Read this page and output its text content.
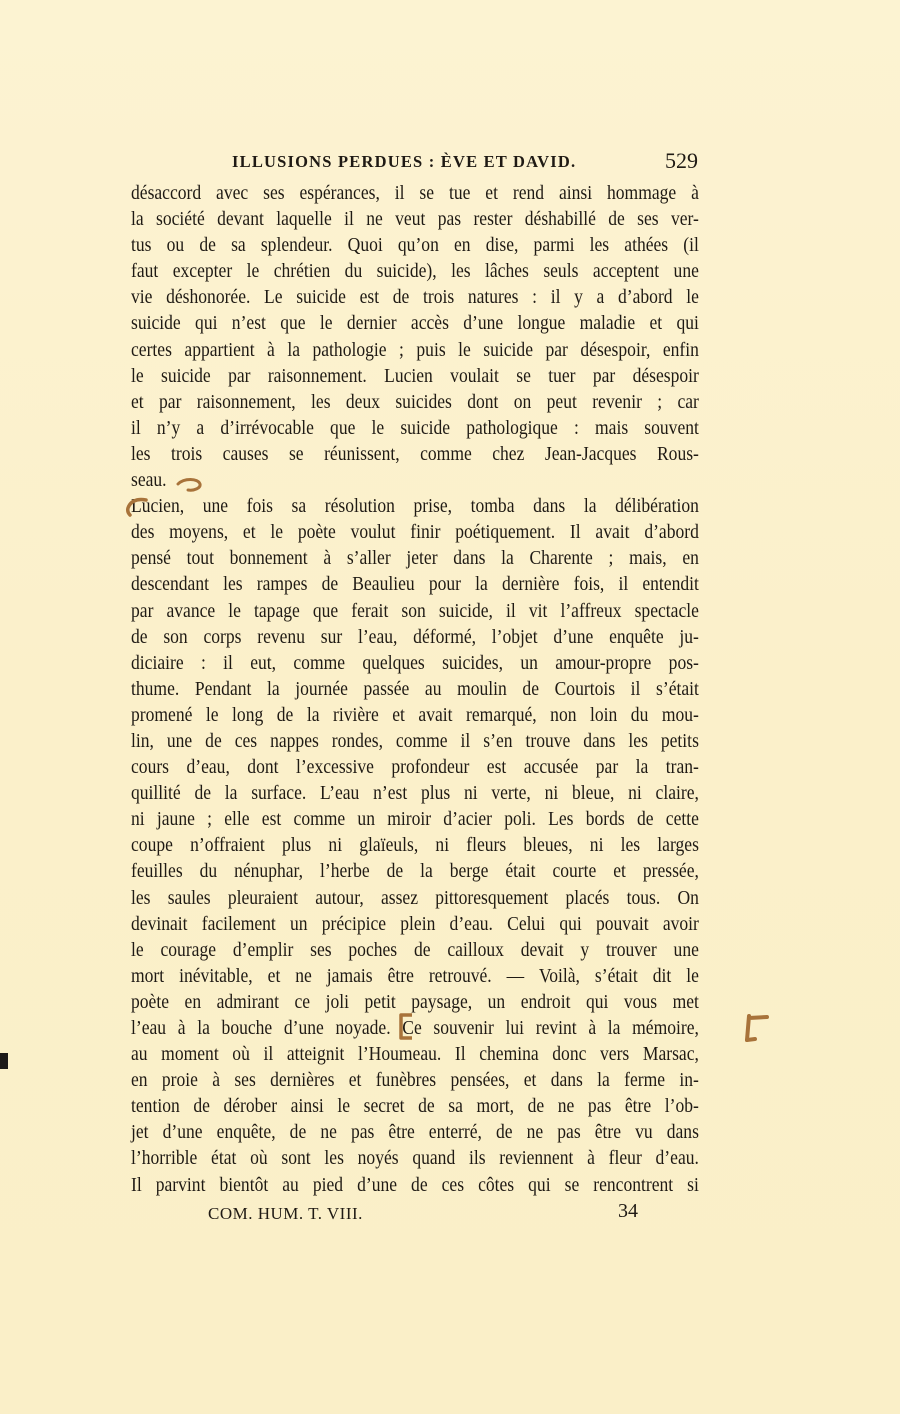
ILLUSIONS PERDUES : ÈVE ET DAVID.	529
désaccord avec ses espérances, il se tue et rend ainsi hommage à
la société devant laquelle il ne veut pas rester déshabillé de ses ver-
tus ou de sa splendeur. Quoi qu’on en dise, parmi les athées (il
faut excepter le chrétien du suicide), les lâches seuls acceptent une
vie déshonorée. Le suicide est de trois natures : il y a d’abord le
suicide qui n’est que le dernier accès d’une longue maladie et qui
certes appartient à la pathologie ; puis le suicide par désespoir, enfin
le suicide par raisonnement. Lucien voulait se tuer par désespoir
et par raisonnement, les deux suicides dont on peut revenir ; car
il n’y a d’irrévocable que le suicide pathologique : mais souvent
les trois causes se réunissent, comme chez Jean-Jacques Rous-
seau.
Lucien, une fois sa résolution prise, tomba dans la délibération
des moyens, et le poète voulut finir poétiquement. Il avait d’abord
pensé tout bonnement à s’aller jeter dans la Charente ; mais, en
descendant les rampes de Beaulieu pour la dernière fois, il entendit
par avance le tapage que ferait son suicide, il vit l’affreux spectacle
de son corps revenu sur l’eau, déformé, l’objet d’une enquête ju-
diciaire : il eut, comme quelques suicides, un amour-propre pos-
thume. Pendant la journée passée au moulin de Courtois il s’était
promené le long de la rivière et avait remarqué, non loin du mou-
lin, une de ces nappes rondes, comme il s’en trouve dans les petits
cours d’eau, dont l’excessive profondeur est accusée par la tran-
quillité de la surface. L’eau n’est plus ni verte, ni bleue, ni claire,
ni jaune ; elle est comme un miroir d’acier poli. Les bords de cette
coupe n’offraient plus ni glaïeuls, ni fleurs bleues, ni les larges
feuilles du nénuphar, l’herbe de la berge était courte et pressée,
les saules pleuraient autour, assez pittoresquement placés tous. On
devinait facilement un précipice plein d’eau. Celui qui pouvait avoir
le courage d’emplir ses poches de cailloux devait y trouver une
mort inévitable, et ne jamais être retrouvé. — Voilà, s’était dit le
poète en admirant ce joli petit paysage, un endroit qui vous met
l’eau à la bouche d’une noyade. Ce souvenir lui revint à la mémoire,
au moment où il atteignit l’Houmeau. Il chemina donc vers Marsac,
en proie à ses dernières et funèbres pensées, et dans la ferme in-
tention de dérober ainsi le secret de sa mort, de ne pas être l’ob-
jet d’une enquête, de ne pas être enterré, de ne pas être vu dans
l’horrible état où sont les noyés quand ils reviennent à fleur d’eau.
Il parvint bientôt au pied d’une de ces côtes qui se rencontrent si
COM. HUM. T. VIII.	34
